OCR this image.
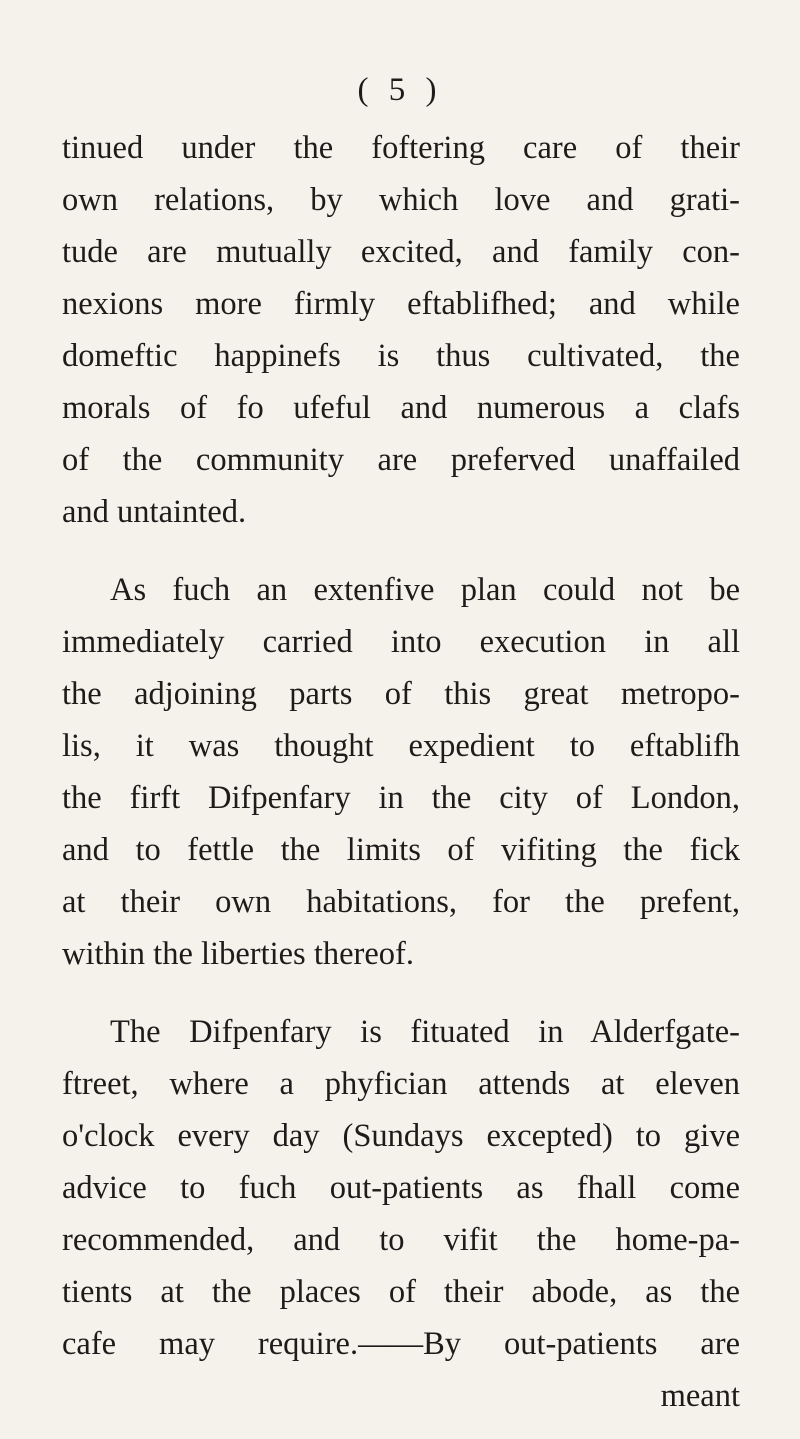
( 5 )
tinued under the foftering care of their
own relations, by which love and grati-
tude are mutually excited, and family con-
nexions more firmly eftablifhed; and while
domeftic happinefs is thus cultivated, the
morals of fo ufeful and numerous a clafs
of the community are preferved unaffailed
and untainted.
As fuch an extenfive plan could not be
immediately carried into execution in all
the adjoining parts of this great metropo-
lis, it was thought expedient to eftablifh
the firft Difpenfary in the city of London,
and to fettle the limits of vifiting the fick
at their own habitations, for the prefent,
within the liberties thereof.
The Difpenfary is fituated in Alderfgate-
ftreet, where a phyfician attends at eleven
o'clock every day (Sundays excepted) to give
advice to fuch out-patients as fhall come
recommended, and to vifit the home-pa-
tients at the places of their abode, as the
cafe may require.——By out-patients are
meant
